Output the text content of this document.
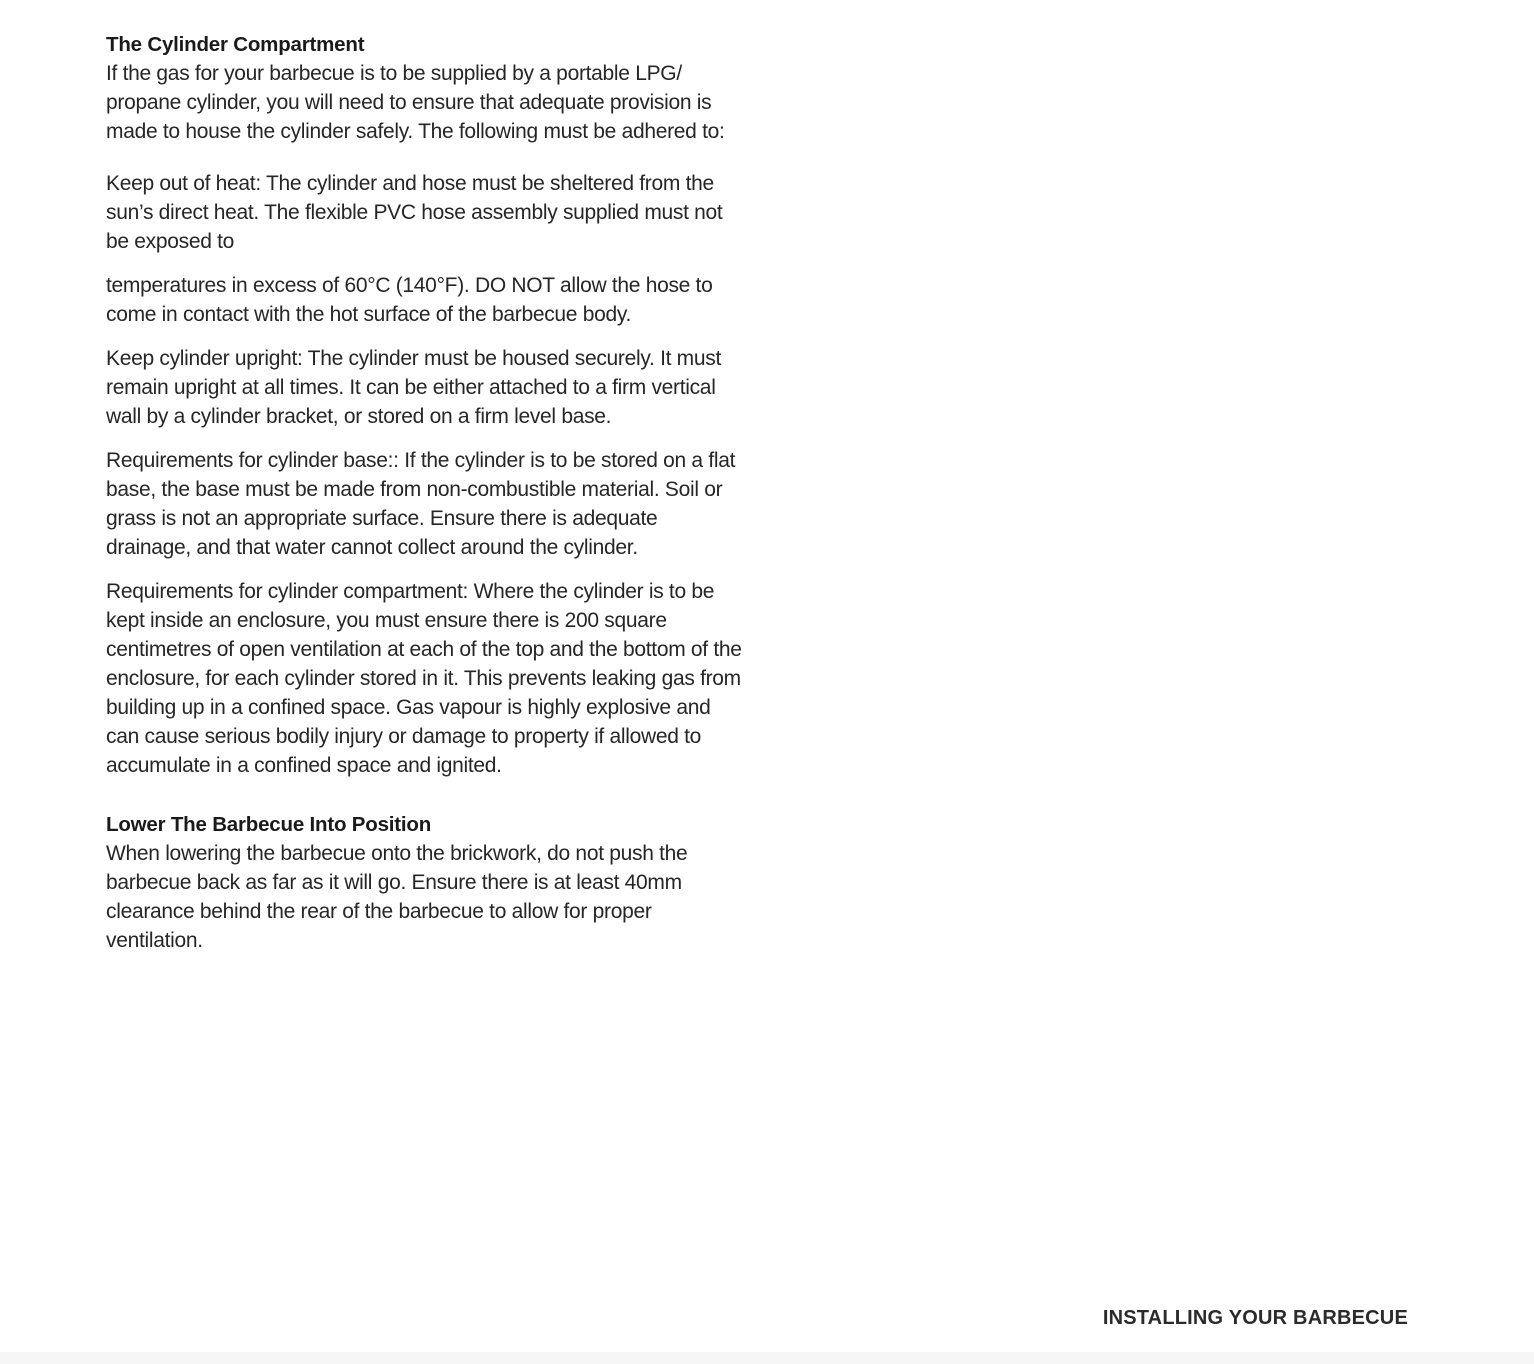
The Cylinder Compartment

If the gas for your barbecue is to be supplied by a portable LPG/ propane cylinder, you will need to ensure that adequate provision is made to house the cylinder safely. The following must be adhered to:

Keep out of heat: The cylinder and hose must be sheltered from the sun’s direct heat. The flexible PVC hose assembly supplied must not be exposed to

temperatures in excess of 60°C (140°F). DO NOT allow the hose to come in contact with the hot surface of the barbecue body.

Keep cylinder upright: The cylinder must be housed securely. It must remain upright at all times. It can be either attached to a firm vertical wall by a cylinder bracket, or stored on a firm level base.

Requirements for cylinder base:: If the cylinder is to be stored on a flat base, the base must be made from non-combustible material. Soil or grass is not an appropriate surface. Ensure there is adequate drainage, and that water cannot collect around the cylinder.

Requirements for cylinder compartment: Where the cylinder is to be kept inside an enclosure, you must ensure there is 200 square centimetres of open ventilation at each of the top and the bottom of the enclosure, for each cylinder stored in it. This prevents leaking gas from building up in a confined space. Gas vapour is highly explosive and can cause serious bodily injury or damage to property if allowed to accumulate in a confined space and ignited.

Lower The Barbecue Into Position

When lowering the barbecue onto the brickwork, do not push the barbecue back as far as it will go. Ensure there is at least 40mm clearance behind the rear of the barbecue to allow for proper ventilation.

INSTALLING YOUR BARBECUE
